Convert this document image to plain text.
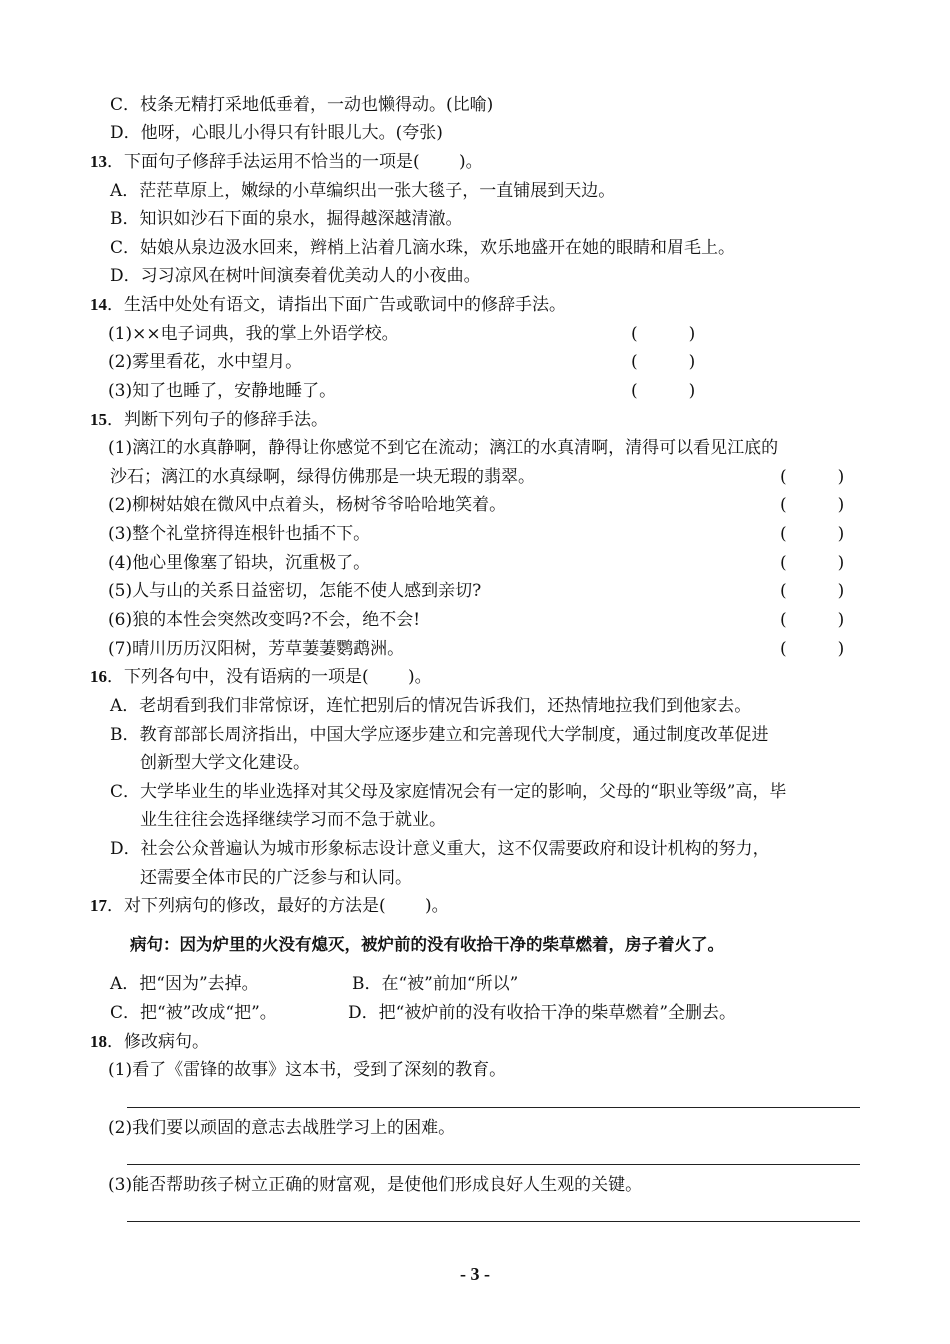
C．枝条无精打采地低垂着，一动也懒得动。(比喻)
D．他呀，心眼儿小得只有针眼儿大。(夸张)
13．下面句子修辞手法运用不恰当的一项是(　　 )。
A．茫茫草原上，嫩绿的小草编织出一张大毯子，一直铺展到天边。
B．知识如沙石下面的泉水，掘得越深越清澈。
C．姑娘从泉边汲水回来，辫梢上沾着几滴水珠，欢乐地盛开在她的眼睛和眉毛上。
D．习习凉风在树叶间演奏着优美动人的小夜曲。
14．生活中处处有语文，请指出下面广告或歌词中的修辞手法。
(1)××电子词典，我的掌上外语学校。	(　　　)
(2)雾里看花，水中望月。	(　　　)
(3)知了也睡了，安静地睡了。	(　　　)
15．判断下列句子的修辞手法。
(1)漓江的水真静啊，静得让你感觉不到它在流动；漓江的水真清啊，清得可以看见江底的
沙石；漓江的水真绿啊，绿得仿佛那是一块无瑕的翡翠。	(　　　)
(2)柳树姑娘在微风中点着头，杨树爷爷哈哈地笑着。	(　　　)
(3)整个礼堂挤得连根针也插不下。	(　　　)
(4)他心里像塞了铅块，沉重极了。	(　　　)
(5)人与山的关系日益密切，怎能不使人感到亲切?	(　　　)
(6)狼的本性会突然改变吗?不会，绝不会!	(　　　)
(7)晴川历历汉阳树，芳草萋萋鹦鹉洲。	(　　　)
16．下列各句中，没有语病的一项是(　　 )。
A．老胡看到我们非常惊讶，连忙把别后的情况告诉我们，还热情地拉我们到他家去。
B．教育部部长周济指出，中国大学应逐步建立和完善现代大学制度，通过制度改革促进
创新型大学文化建设。
C．大学毕业生的毕业选择对其父母及家庭情况会有一定的影响，父母的“职业等级”高，毕
业生往往会选择继续学习而不急于就业。
D．社会公众普遍认为城市形象标志设计意义重大，这不仅需要政府和设计机构的努力，
还需要全体市民的广泛参与和认同。
17．对下列病句的修改，最好的方法是(　　 )。
病句：因为炉里的火没有熄灭，被炉前的没有收拾干净的柴草燃着，房子着火了。
A．把“因为”去掉。	B．在“被”前加“所以”
C．把“被”改成“把”。	D．把“被炉前的没有收拾干净的柴草燃着”全删去。
18．修改病句。
(1)看了《雷锋的故事》这本书，受到了深刻的教育。
(2)我们要以顽固的意志去战胜学习上的困难。
(3)能否帮助孩子树立正确的财富观，是使他们形成良好人生观的关键。
- 3 -
